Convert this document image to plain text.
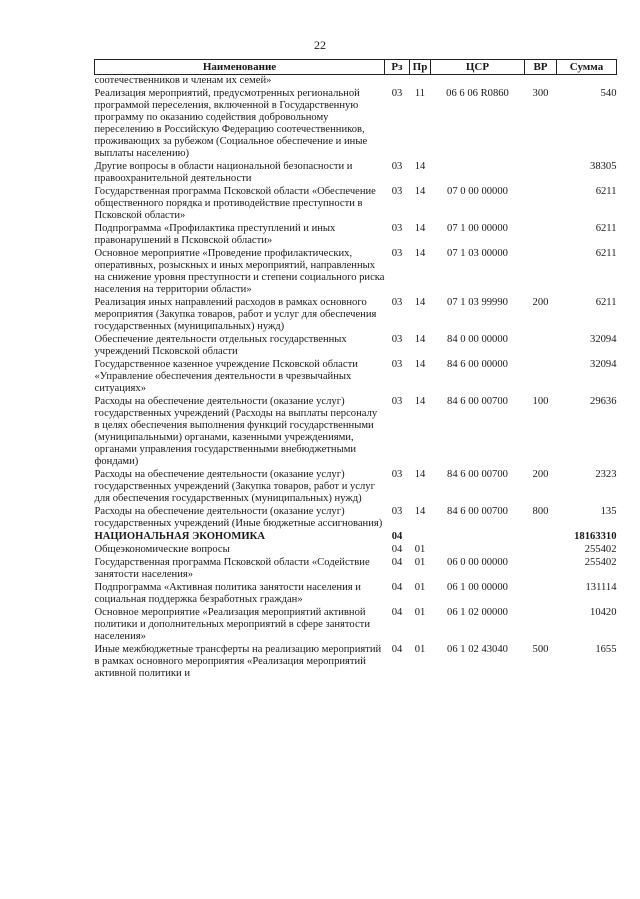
22
Наименование	Рз	Пр	ЦСР	ВР	Сумма
соотечественников и членам их семей»					
Реализация мероприятий, предусмотренных региональной программой переселения, включенной в Государственную программу по оказанию содействия добровольному переселению в Российскую Федерацию соотечественников, проживающих за рубежом (Социальное обеспечение и иные выплаты населению)	03	11	06 6 06 R0860	300	540
Другие вопросы в области национальной безопасности и правоохранительной деятельности	03	14			38305
Государственная программа Псковской области «Обеспечение общественного порядка и противодействие преступности в Псковской области»	03	14	07 0 00 00000		6211
Подпрограмма «Профилактика преступлений и иных правонарушений в Псковской области»	03	14	07 1 00 00000		6211
Основное мероприятие «Проведение профилактических, оперативных, розыскных и иных мероприятий, направленных на снижение уровня преступности и степени социального риска населения на территории области»	03	14	07 1 03 00000		6211
Реализация иных направлений расходов в рамках основного мероприятия (Закупка товаров, работ и услуг для обеспечения государственных (муниципальных) нужд)	03	14	07 1 03 99990	200	6211
Обеспечение деятельности отдельных государственных учреждений Псковской области	03	14	84 0 00 00000		32094
Государственное казенное учреждение Псковской области «Управление обеспечения деятельности в чрезвычайных ситуациях»	03	14	84 6 00 00000		32094
Расходы на обеспечение деятельности (оказание услуг) государственных учреждений (Расходы на выплаты персоналу в целях обеспечения выполнения функций государственными (муниципальными) органами, казенными учреждениями, органами управления государственными внебюджетными фондами)	03	14	84 6 00 00700	100	29636
Расходы на обеспечение деятельности (оказание услуг) государственных учреждений (Закупка товаров, работ и услуг для обеспечения государственных (муниципальных) нужд)	03	14	84 6 00 00700	200	2323
Расходы на обеспечение деятельности (оказание услуг) государственных учреждений (Иные бюджетные ассигнования)	03	14	84 6 00 00700	800	135
НАЦИОНАЛЬНАЯ ЭКОНОМИКА	04				18163310
Общеэкономические вопросы	04	01			255402
Государственная программа Псковской области «Содействие занятости населения»	04	01	06 0 00 00000		255402
Подпрограмма «Активная политика занятости населения и социальная поддержка безработных граждан»	04	01	06 1 00 00000		131114
Основное мероприятие «Реализация мероприятий активной политики и дополнительных мероприятий в сфере занятости населения»	04	01	06 1 02 00000		10420
Иные межбюджетные трансферты на реализацию мероприятий в рамках основного мероприятия «Реализация мероприятий активной политики и	04	01	06 1 02 43040	500	1655
